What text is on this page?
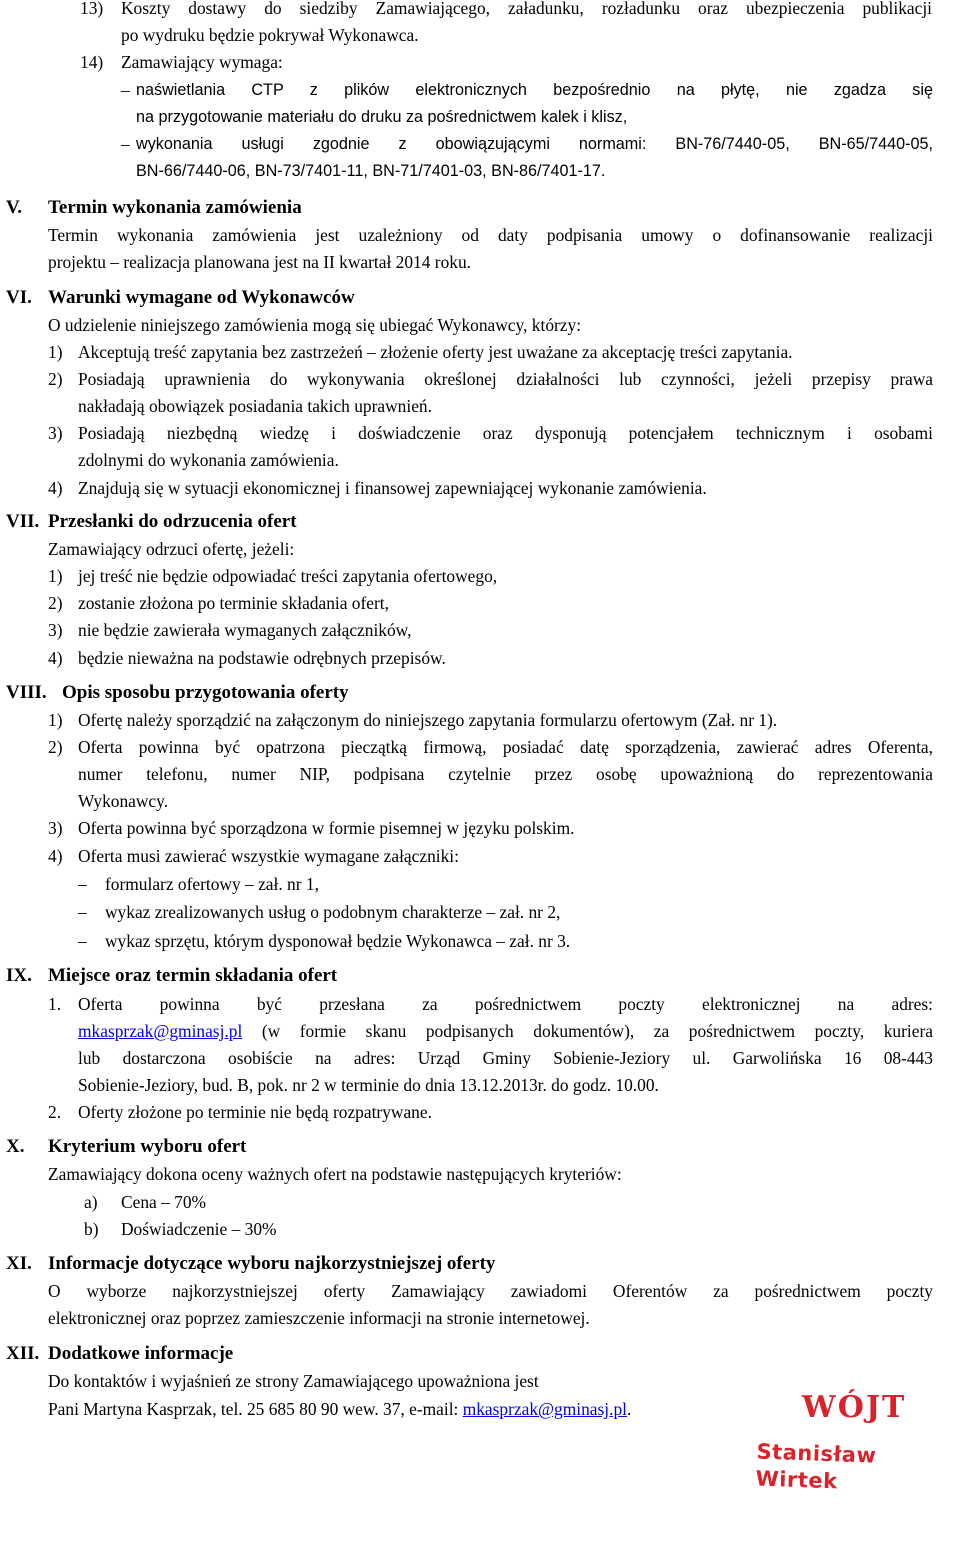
13) Koszty dostawy do siedziby Zamawiającego, załadunku, rozładunku oraz ubezpieczenia publikacji
po wydruku będzie pokrywał Wykonawca.
14) Zamawiający wymaga:
– naświetlania CTP z plików elektronicznych bezpośrednio na płytę, nie zgadza się
na przygotowanie materiału do druku za pośrednictwem kalek i klisz,
– wykonania usługi zgodnie z obowiązującymi normami: BN-76/7440-05, BN-65/7440-05,
BN-66/7440-06, BN-73/7401-11, BN-71/7401-03, BN-86/7401-17.
V. Termin wykonania zamówienia
Termin wykonania zamówienia jest uzależniony od daty podpisania umowy o dofinansowanie realizacji
projektu – realizacja planowana jest na II kwartał 2014 roku.
VI. Warunki wymagane od Wykonawców
O udzielenie niniejszego zamówienia mogą się ubiegać Wykonawcy, którzy:
1) Akceptują treść zapytania bez zastrzeżeń – złożenie oferty jest uważane za akceptację treści zapytania.
2) Posiadają uprawnienia do wykonywania określonej działalności lub czynności, jeżeli przepisy prawa
nakładają obowiązek posiadania takich uprawnień.
3) Posiadają niezbędną wiedzę i doświadczenie oraz dysponują potencjałem technicznym i osobami
zdolnymi do wykonania zamówienia.
4) Znajdują się w sytuacji ekonomicznej i finansowej zapewniającej wykonanie zamówienia.
VII. Przesłanki do odrzucenia ofert
Zamawiający odrzuci ofertę, jeżeli:
1) jej treść nie będzie odpowiadać treści zapytania ofertowego,
2) zostanie złożona po terminie składania ofert,
3) nie będzie zawierała wymaganych załączników,
4) będzie nieważna na podstawie odrębnych przepisów.
VIII. Opis sposobu przygotowania oferty
1) Ofertę należy sporządzić na załączonym do niniejszego zapytania formularzu ofertowym (Zał. nr 1).
2) Oferta powinna być opatrzona pieczątką firmową, posiadać datę sporządzenia, zawierać adres Oferenta,
numer telefonu, numer NIP, podpisana czytelnie przez osobę upoważnioną do reprezentowania
Wykonawcy.
3) Oferta powinna być sporządzona w formie pisemnej w języku polskim.
4) Oferta musi zawierać wszystkie wymagane załączniki:
– formularz ofertowy – zał. nr 1,
– wykaz zrealizowanych usług o podobnym charakterze – zał. nr 2,
– wykaz sprzętu, którym dysponował będzie Wykonawca – zał. nr 3.
IX. Miejsce oraz termin składania ofert
1. Oferta powinna być przesłana za pośrednictwem poczty elektronicznej na adres:
mkasprzak@gminasj.pl (w formie skanu podpisanych dokumentów), za pośrednictwem poczty, kuriera
lub dostarczona osobiście na adres: Urząd Gminy Sobienie-Jeziory ul. Garwolińska 16 08-443
Sobienie-Jeziory, bud. B, pok. nr 2 w terminie do dnia 13.12.2013r. do godz. 10.00.
2. Oferty złożone po terminie nie będą rozpatrywane.
X. Kryterium wyboru ofert
Zamawiający dokona oceny ważnych ofert na podstawie następujących kryteriów:
a) Cena – 70%
b) Doświadczenie – 30%
XI. Informacje dotyczące wyboru najkorzystniejszej oferty
O wyborze najkorzystniejszej oferty Zamawiający zawiadomi Oferentów za pośrednictwem poczty
elektronicznej oraz poprzez zamieszczenie informacji na stronie internetowej.
XII. Dodatkowe informacje
Do kontaktów i wyjaśnień ze strony Zamawiającego upoważniona jest
Pani Martyna Kasprzak, tel. 25 685 80 90 wew. 37, e-mail: mkasprzak@gminasj.pl.	WÓJT
Stanisław Wirtek
